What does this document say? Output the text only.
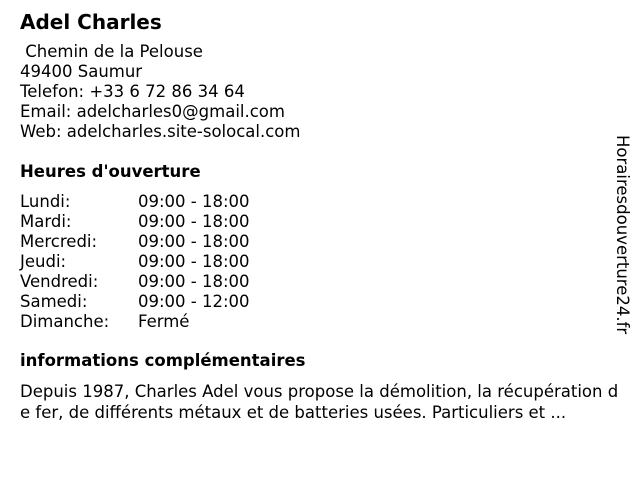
Adel Charles
Chemin de la Pelouse
49400 Saumur
Telefon: +33 6 72 86 34 64
Email: adelcharles0@gmail.com
Web: adelcharles.site-solocal.com
Heures d'ouverture
Lundi:	09:00 - 18:00
Mardi:	09:00 - 18:00
Mercredi:	09:00 - 18:00
Jeudi:	09:00 - 18:00
Vendredi:	09:00 - 18:00
Samedi:	09:00 - 12:00
Dimanche:	Fermé
informations complémentaires
Depuis 1987, Charles Adel vous propose la démolition, la récupération de fer, de différents métaux et de batteries usées. Particuliers et ...
Horairesdouverture24.fr
